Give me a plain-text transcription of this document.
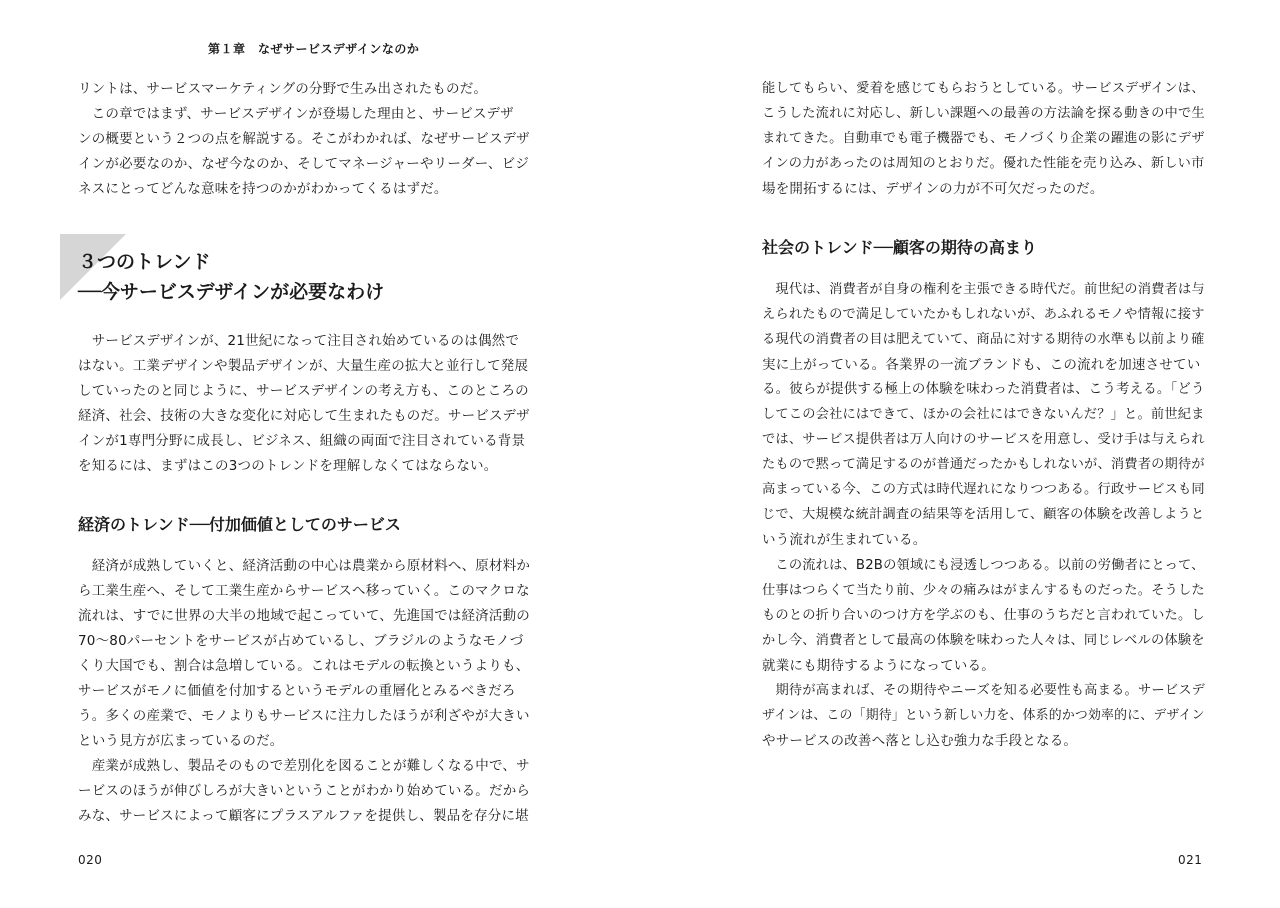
第１章　なぜサービスデザインなのか
リントは、サービスマーケティングの分野で生み出されたものだ。
　この章ではまず、サービスデザインが登場した理由と、サービスデザ
ンの概要という２つの点を解説する。そこがわかれば、なぜサービスデザ
インが必要なのか、なぜ今なのか、そしてマネージャーやリーダー、ビジ
ネスにとってどんな意味を持つのかがわかってくるはずだ。
３つのトレンド
──今サービスデザインが必要なわけ
　サービスデザインが、21世紀になって注目され始めているのは偶然で
はない。工業デザインや製品デザインが、大量生産の拡大と並行して発展
していったのと同じように、サービスデザインの考え方も、このところの
経済、社会、技術の大きな変化に対応して生まれたものだ。サービスデザ
インが1専門分野に成長し、ビジネス、組織の両面で注目されている背景
を知るには、まずはこの3つのトレンドを理解しなくてはならない。
経済のトレンド──付加価値としてのサービス
　経済が成熟していくと、経済活動の中心は農業から原材料へ、原材料か
ら工業生産へ、そして工業生産からサービスへ移っていく。このマクロな
流れは、すでに世界の大半の地域で起こっていて、先進国では経済活動の
70～80パーセントをサービスが占めているし、ブラジルのようなモノづ
くり大国でも、割合は急増している。これはモデルの転換というよりも、
サービスがモノに価値を付加するというモデルの重層化とみるべきだろ
う。多くの産業で、モノよりもサービスに注力したほうが利ざやが大きい
という見方が広まっているのだ。
　産業が成熟し、製品そのもので差別化を図ることが難しくなる中で、サ
ービスのほうが伸びしろが大きいということがわかり始めている。だから
みな、サービスによって顧客にプラスアルファを提供し、製品を存分に堪
020
能してもらい、愛着を感じてもらおうとしている。サービスデザインは、
こうした流れに対応し、新しい課題への最善の方法論を探る動きの中で生
まれてきた。自動車でも電子機器でも、モノづくり企業の躍進の影にデザ
インの力があったのは周知のとおりだ。優れた性能を売り込み、新しい市
場を開拓するには、デザインの力が不可欠だったのだ。
社会のトレンド──顧客の期待の高まり
　現代は、消費者が自身の権利を主張できる時代だ。前世紀の消費者は与
えられたもので満足していたかもしれないが、あふれるモノや情報に接す
る現代の消費者の目は肥えていて、商品に対する期待の水準も以前より確
実に上がっている。各業界の一流ブランドも、この流れを加速させてい
る。彼らが提供する極上の体験を味わった消費者は、こう考える。「どう
してこの会社にはできて、ほかの会社にはできないんだ？」と。前世紀ま
では、サービス提供者は万人向けのサービスを用意し、受け手は与えられ
たもので黙って満足するのが普通だったかもしれないが、消費者の期待が
高まっている今、この方式は時代遅れになりつつある。行政サービスも同
じで、大規模な統計調査の結果等を活用して、顧客の体験を改善しようと
いう流れが生まれている。
　この流れは、B2Bの領域にも浸透しつつある。以前の労働者にとって、
仕事はつらくて当たり前、少々の痛みはがまんするものだった。そうした
ものとの折り合いのつけ方を学ぶのも、仕事のうちだと言われていた。し
かし今、消費者として最高の体験を味わった人々は、同じレベルの体験を
就業にも期待するようになっている。
　期待が高まれば、その期待やニーズを知る必要性も高まる。サービスデ
ザインは、この「期待」という新しい力を、体系的かつ効率的に、デザイン
やサービスの改善へ落とし込む強力な手段となる。
021
